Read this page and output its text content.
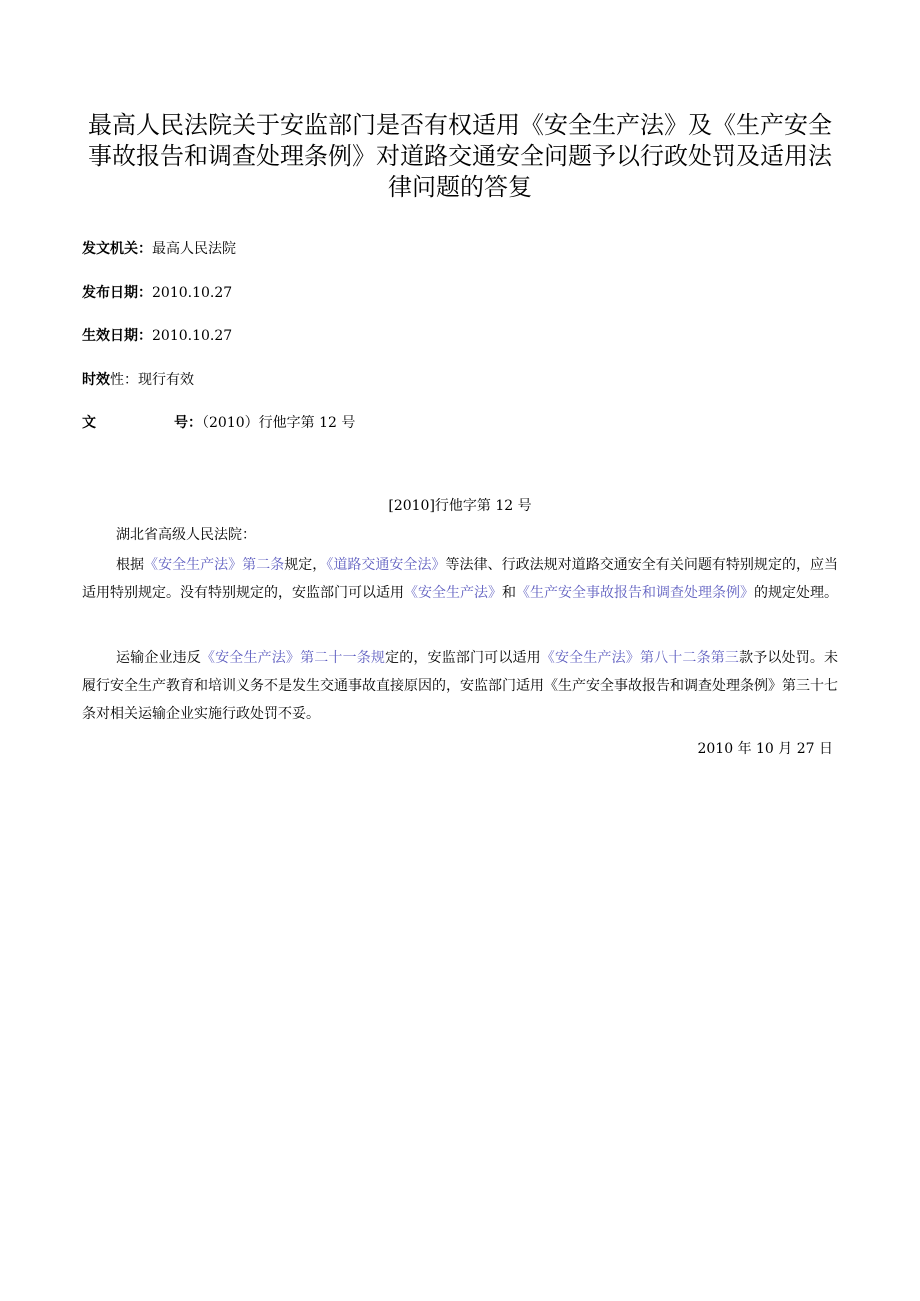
最高人民法院关于安监部门是否有权适用《安全生产法》及《生产安全事故报告和调查处理条例》对道路交通安全问题予以行政处罚及适用法律问题的答复
发文机关：最高人民法院
发布日期：2010.10.27
生效日期：2010.10.27
时效性：现行有效
文	号：（2010）行他字第 12 号
[2010]行他字第 12 号
湖北省高级人民法院：

根据《安全生产法》第二条规定，《道路交通安全法》等法律、行政法规对道路交通安全有关问题有特别规定的，应当适用特别规定。没有特别规定的，安监部门可以适用《安全生产法》和《生产安全事故报告和调查处理条例》的规定处理。

运输企业违反《安全生产法》第二十一条规定的，安监部门可以适用《安全生产法》第八十二条第三款予以处罚。未履行安全生产教育和培训义务不是发生交通事故直接原因的，安监部门适用《生产安全事故报告和调查处理条例》第三十七条对相关运输企业实施行政处罚不妥。

2010 年 10 月 27 日
